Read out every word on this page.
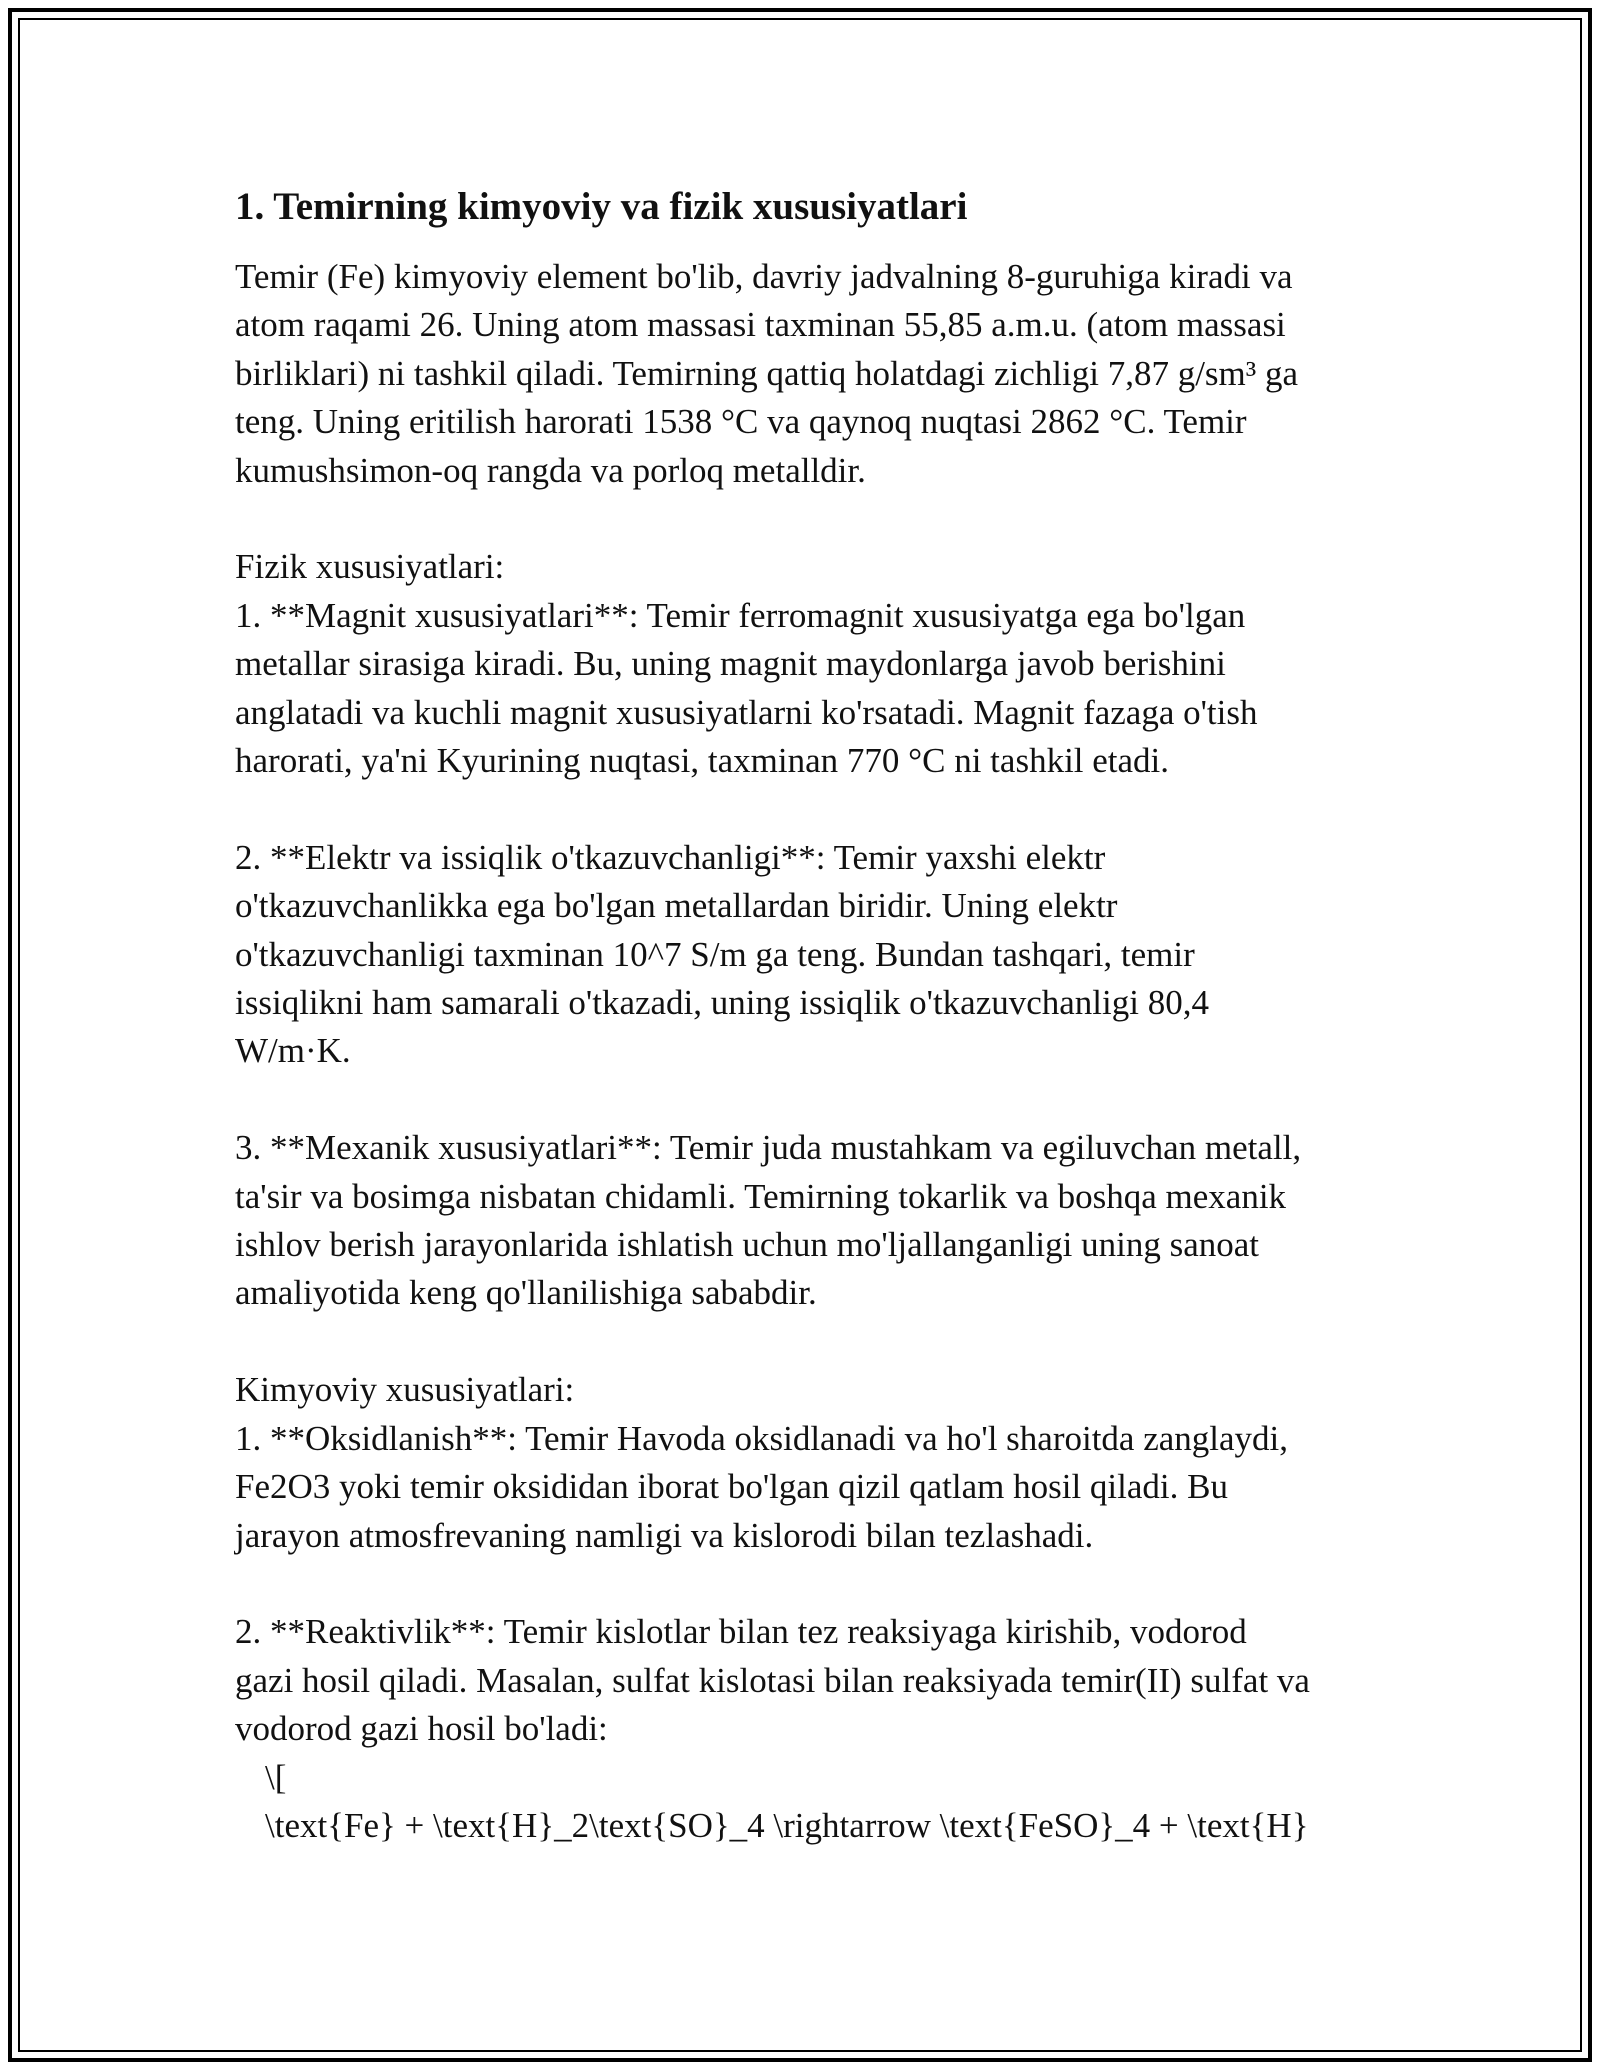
1. Temirning kimyoviy va fizik xususiyatlari
Temir (Fe) kimyoviy element bo'lib, davriy jadvalning 8-guruhiga kiradi va
atom raqami 26. Uning atom massasi taxminan 55,85 a.m.u. (atom massasi
birliklari) ni tashkil qiladi. Temirning qattiq holatdagi zichligi 7,87 g/sm³ ga
teng. Uning eritilish harorati 1538 °C va qaynoq nuqtasi 2862 °C. Temir
kumushsimon-oq rangda va porloq metalldir.
Fizik xususiyatlari:
1. **Magnit xususiyatlari**: Temir ferromagnit xususiyatga ega bo'lgan
metallar sirasiga kiradi. Bu, uning magnit maydonlarga javob berishini
anglatadi va kuchli magnit xususiyatlarni ko'rsatadi. Magnit fazaga o'tish
harorati, ya'ni Kyurining nuqtasi, taxminan 770 °C ni tashkil etadi.
2. **Elektr va issiqlik o'tkazuvchanligi**: Temir yaxshi elektr
o'tkazuvchanlikka ega bo'lgan metallardan biridir. Uning elektr
o'tkazuvchanligi taxminan 10^7 S/m ga teng. Bundan tashqari, temir
issiqlikni ham samarali o'tkazadi, uning issiqlik o'tkazuvchanligi 80,4
W/m·K.
3. **Mexanik xususiyatlari**: Temir juda mustahkam va egiluvchan metall,
ta'sir va bosimga nisbatan chidamli. Temirning tokarlik va boshqa mexanik
ishlov berish jarayonlarida ishlatish uchun mo'ljallanganligi uning sanoat
amaliyotida keng qo'llanilishiga sababdir.
Kimyoviy xususiyatlari:
1. **Oksidlanish**: Temir Havoda oksidlanadi va ho'l sharoitda zanglaydi,
Fe2O3 yoki temir oksididan iborat bo'lgan qizil qatlam hosil qiladi. Bu
jarayon atmosfrevaning namligi va kislorodi bilan tezlashadi.
2. **Reaktivlik**: Temir kislotlar bilan tez reaksiyaga kirishib, vodorod
gazi hosil qiladi. Masalan, sulfat kislotasi bilan reaksiyada temir(II) sulfat va
vodorod gazi hosil bo'ladi:
\[
\text{Fe} + \text{H}_2\text{SO}_4 \rightarrow \text{FeSO}_4 + \text{H}
